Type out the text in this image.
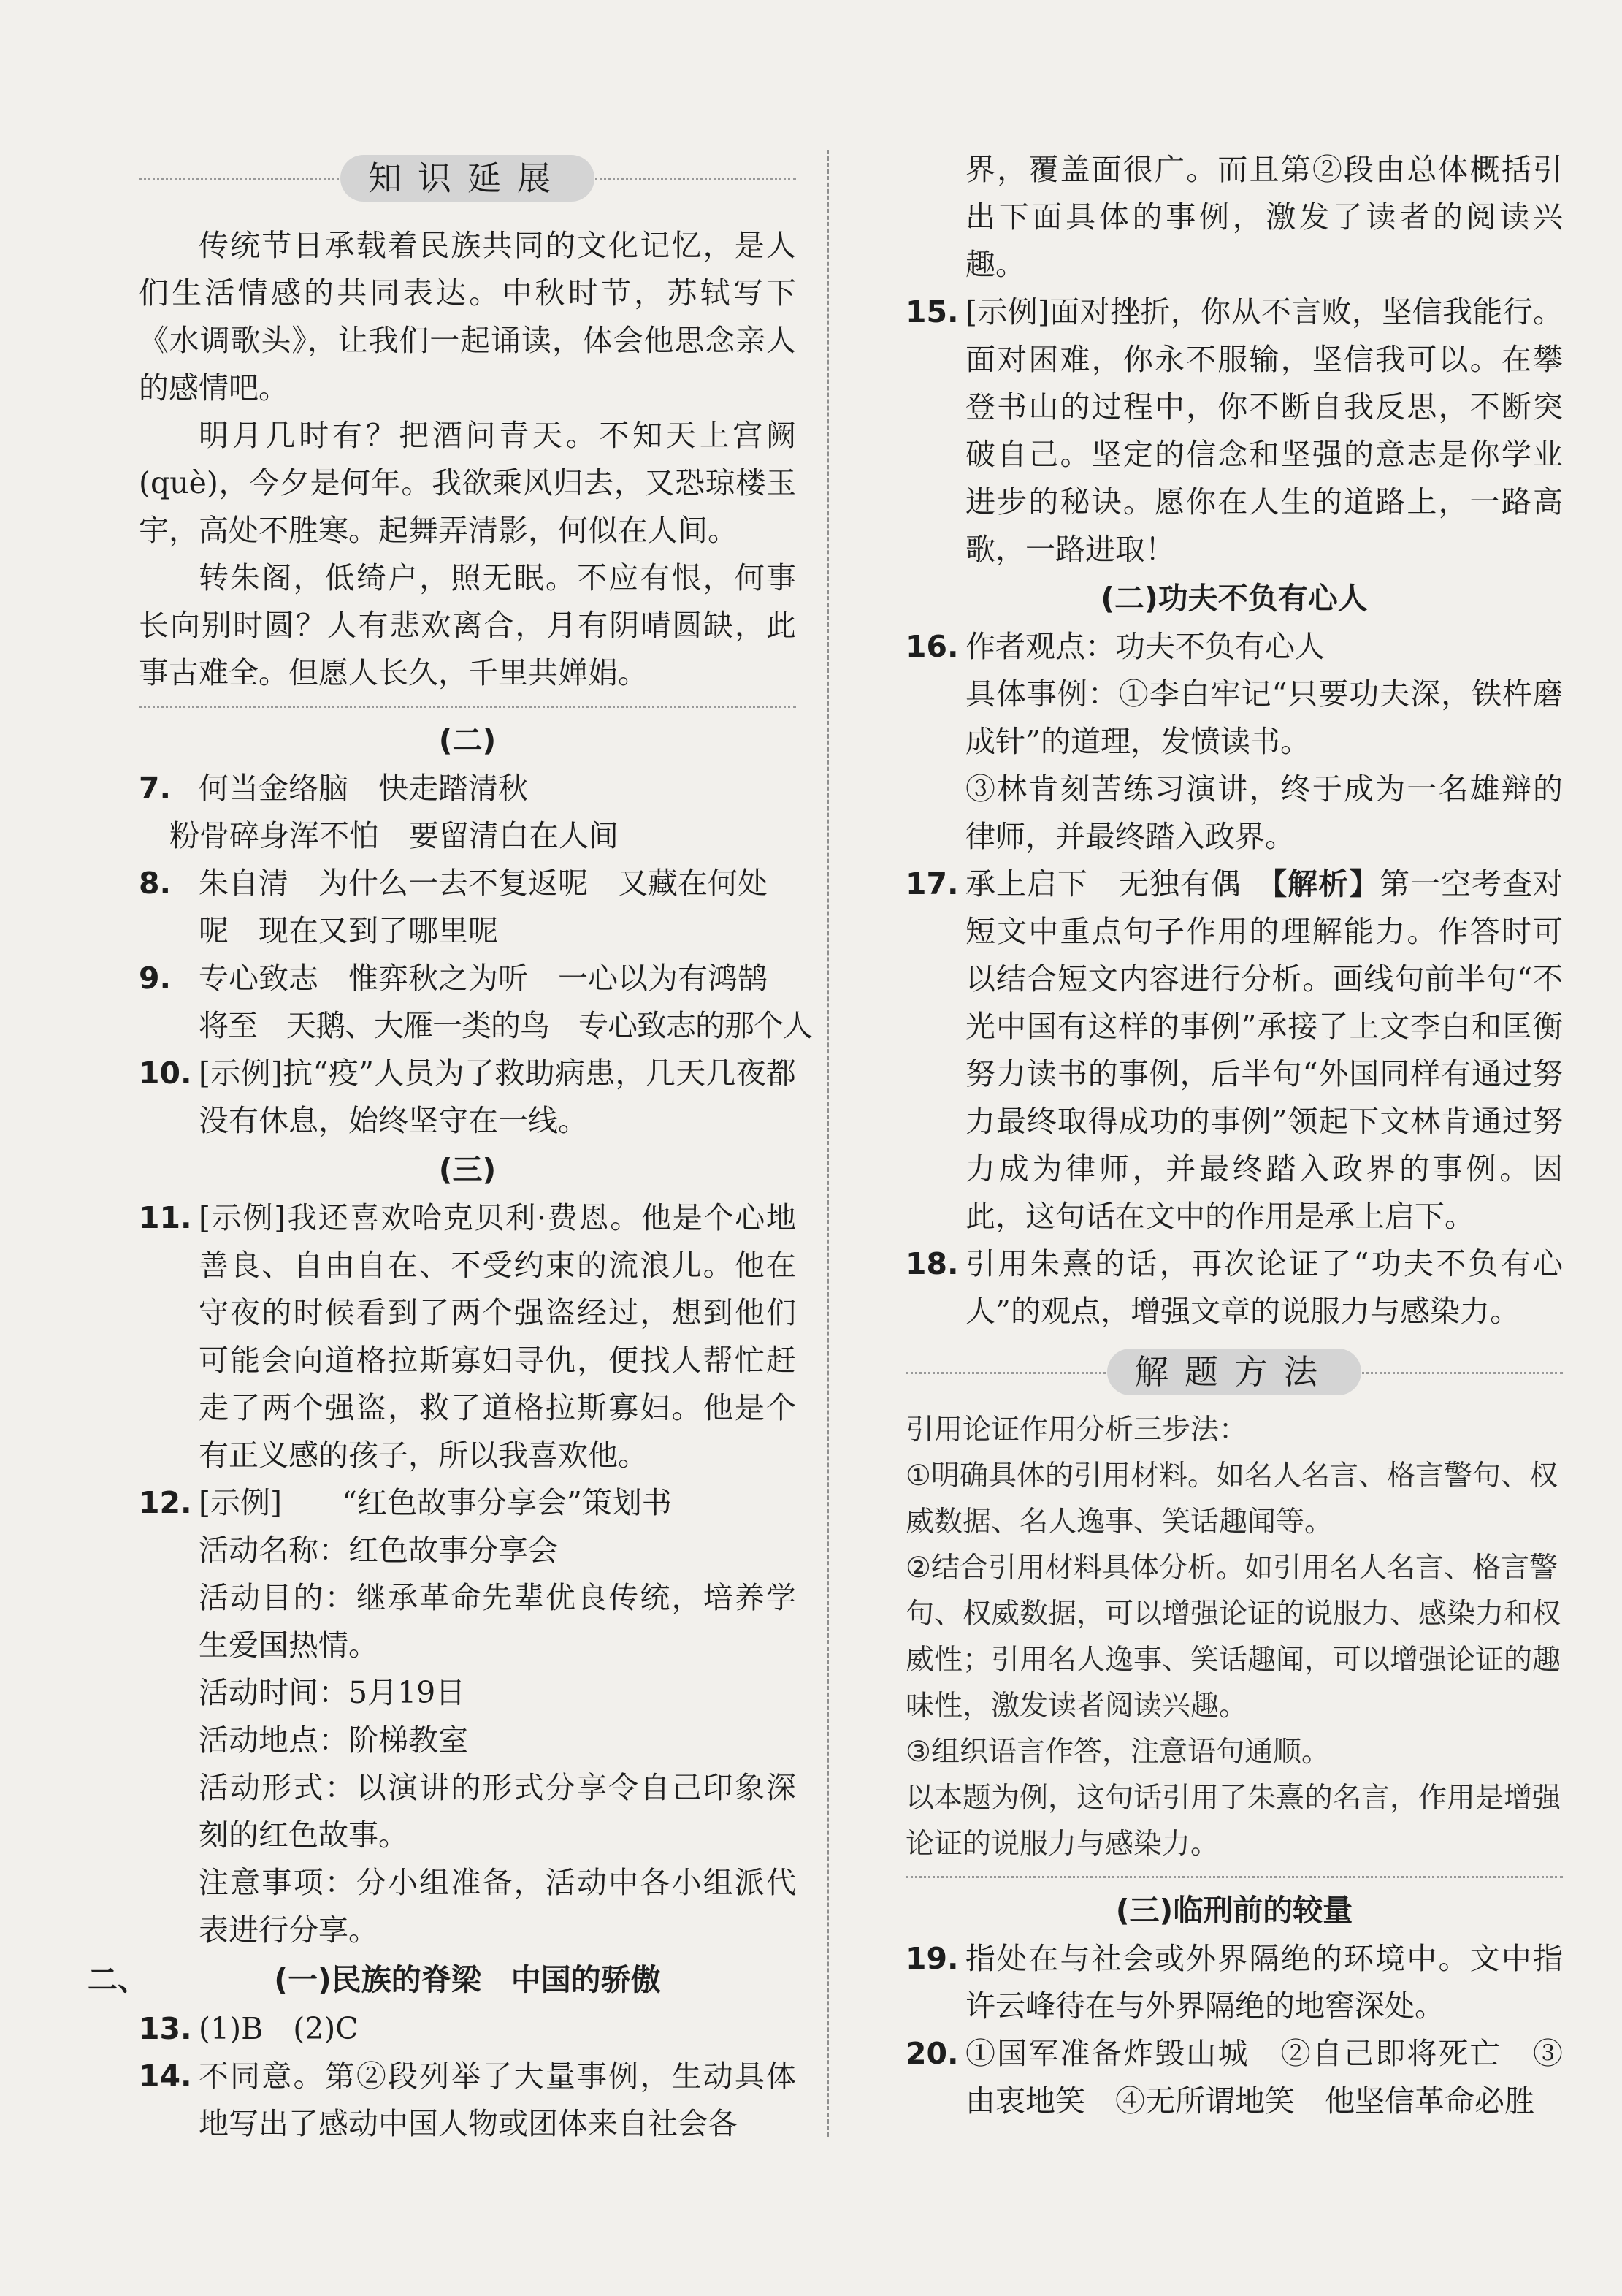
知识延展

传统节日承载着民族共同的文化记忆，是人们生活情感的共同表达。中秋时节，苏轼写下《水调歌头》，让我们一起诵读，体会他思念亲人的感情吧。

明月几时有？把酒问青天。不知天上宫阙(què)，今夕是何年。我欲乘风归去，又恐琼楼玉宇，高处不胜寒。起舞弄清影，何似在人间。

转朱阁，低绮户，照无眠。不应有恨，何事长向别时圆？人有悲欢离合，月有阴晴圆缺，此事古难全。但愿人长久，千里共婵娟。

(二)

7. 何当金络脑　快走踏清秋
粉骨碎身浑不怕　要留清白在人间
8. 朱自清　为什么一去不复返呢　又藏在何处
呢　现在又到了哪里呢
9. 专心致志　惟弈秋之为听　一心以为有鸿鹄
将至　天鹅、大雁一类的鸟　专心致志的那个人
10. [示例]抗“疫”人员为了救助病患，几天几夜都没有休息，始终坚守在一线。

(三)

11. [示例]我还喜欢哈克贝利·费恩。他是个心地善良、自由自在、不受约束的流浪儿。他在守夜的时候看到了两个强盗经过，想到他们可能会向道格拉斯寡妇寻仇，便找人帮忙赶走了两个强盗，救了道格拉斯寡妇。他是个有正义感的孩子，所以我喜欢他。
12. [示例]　　“红色故事分享会”策划书
活动名称：红色故事分享会
活动目的：继承革命先辈优良传统，培养学生爱国热情。
活动时间：5月19日
活动地点：阶梯教室
活动形式：以演讲的形式分享令自己印象深刻的红色故事。
注意事项：分小组准备，活动中各小组派代表进行分享。
二、	(一)民族的脊梁　中国的骄傲
13. (1)B　(2)C
14. 不同意。第②段列举了大量事例，生动具体地写出了感动中国人物或团体来自社会各
界，覆盖面很广。而且第②段由总体概括引出下面具体的事例，激发了读者的阅读兴趣。
15. [示例]面对挫折，你从不言败，坚信我能行。面对困难，你永不服输，坚信我可以。在攀登书山的过程中，你不断自我反思，不断突破自己。坚定的信念和坚强的意志是你学业进步的秘诀。愿你在人生的道路上，一路高歌，一路进取！

(二)功夫不负有心人

16. 作者观点：功夫不负有心人
具体事例：①李白牢记“只要功夫深，铁杵磨成针”的道理，发愤读书。
③林肯刻苦练习演讲，终于成为一名雄辩的律师，并最终踏入政界。
17. 承上启下　无独有偶　【解析】第一空考查对短文中重点句子作用的理解能力。作答时可以结合短文内容进行分析。画线句前半句“不光中国有这样的事例”承接了上文李白和匡衡努力读书的事例，后半句“外国同样有通过努力最终取得成功的事例”领起下文林肯通过努力成为律师，并最终踏入政界的事例。因此，这句话在文中的作用是承上启下。
18. 引用朱熹的话，再次论证了“功夫不负有心人”的观点，增强文章的说服力与感染力。
解题方法

引用论证作用分析三步法：

①明确具体的引用材料。如名人名言、格言警句、权威数据、名人逸事、笑话趣闻等。

②结合引用材料具体分析。如引用名人名言、格言警句、权威数据，可以增强论证的说服力、感染力和权威性；引用名人逸事、笑话趣闻，可以增强论证的趣味性，激发读者阅读兴趣。

③组织语言作答，注意语句通顺。

以本题为例，这句话引用了朱熹的名言，作用是增强论证的说服力与感染力。

(三)临刑前的较量

19. 指处在与社会或外界隔绝的环境中。文中指许云峰待在与外界隔绝的地窖深处。
20. ①国军准备炸毁山城　②自己即将死亡　③由衷地笑　④无所谓地笑　他坚信革命必胜
